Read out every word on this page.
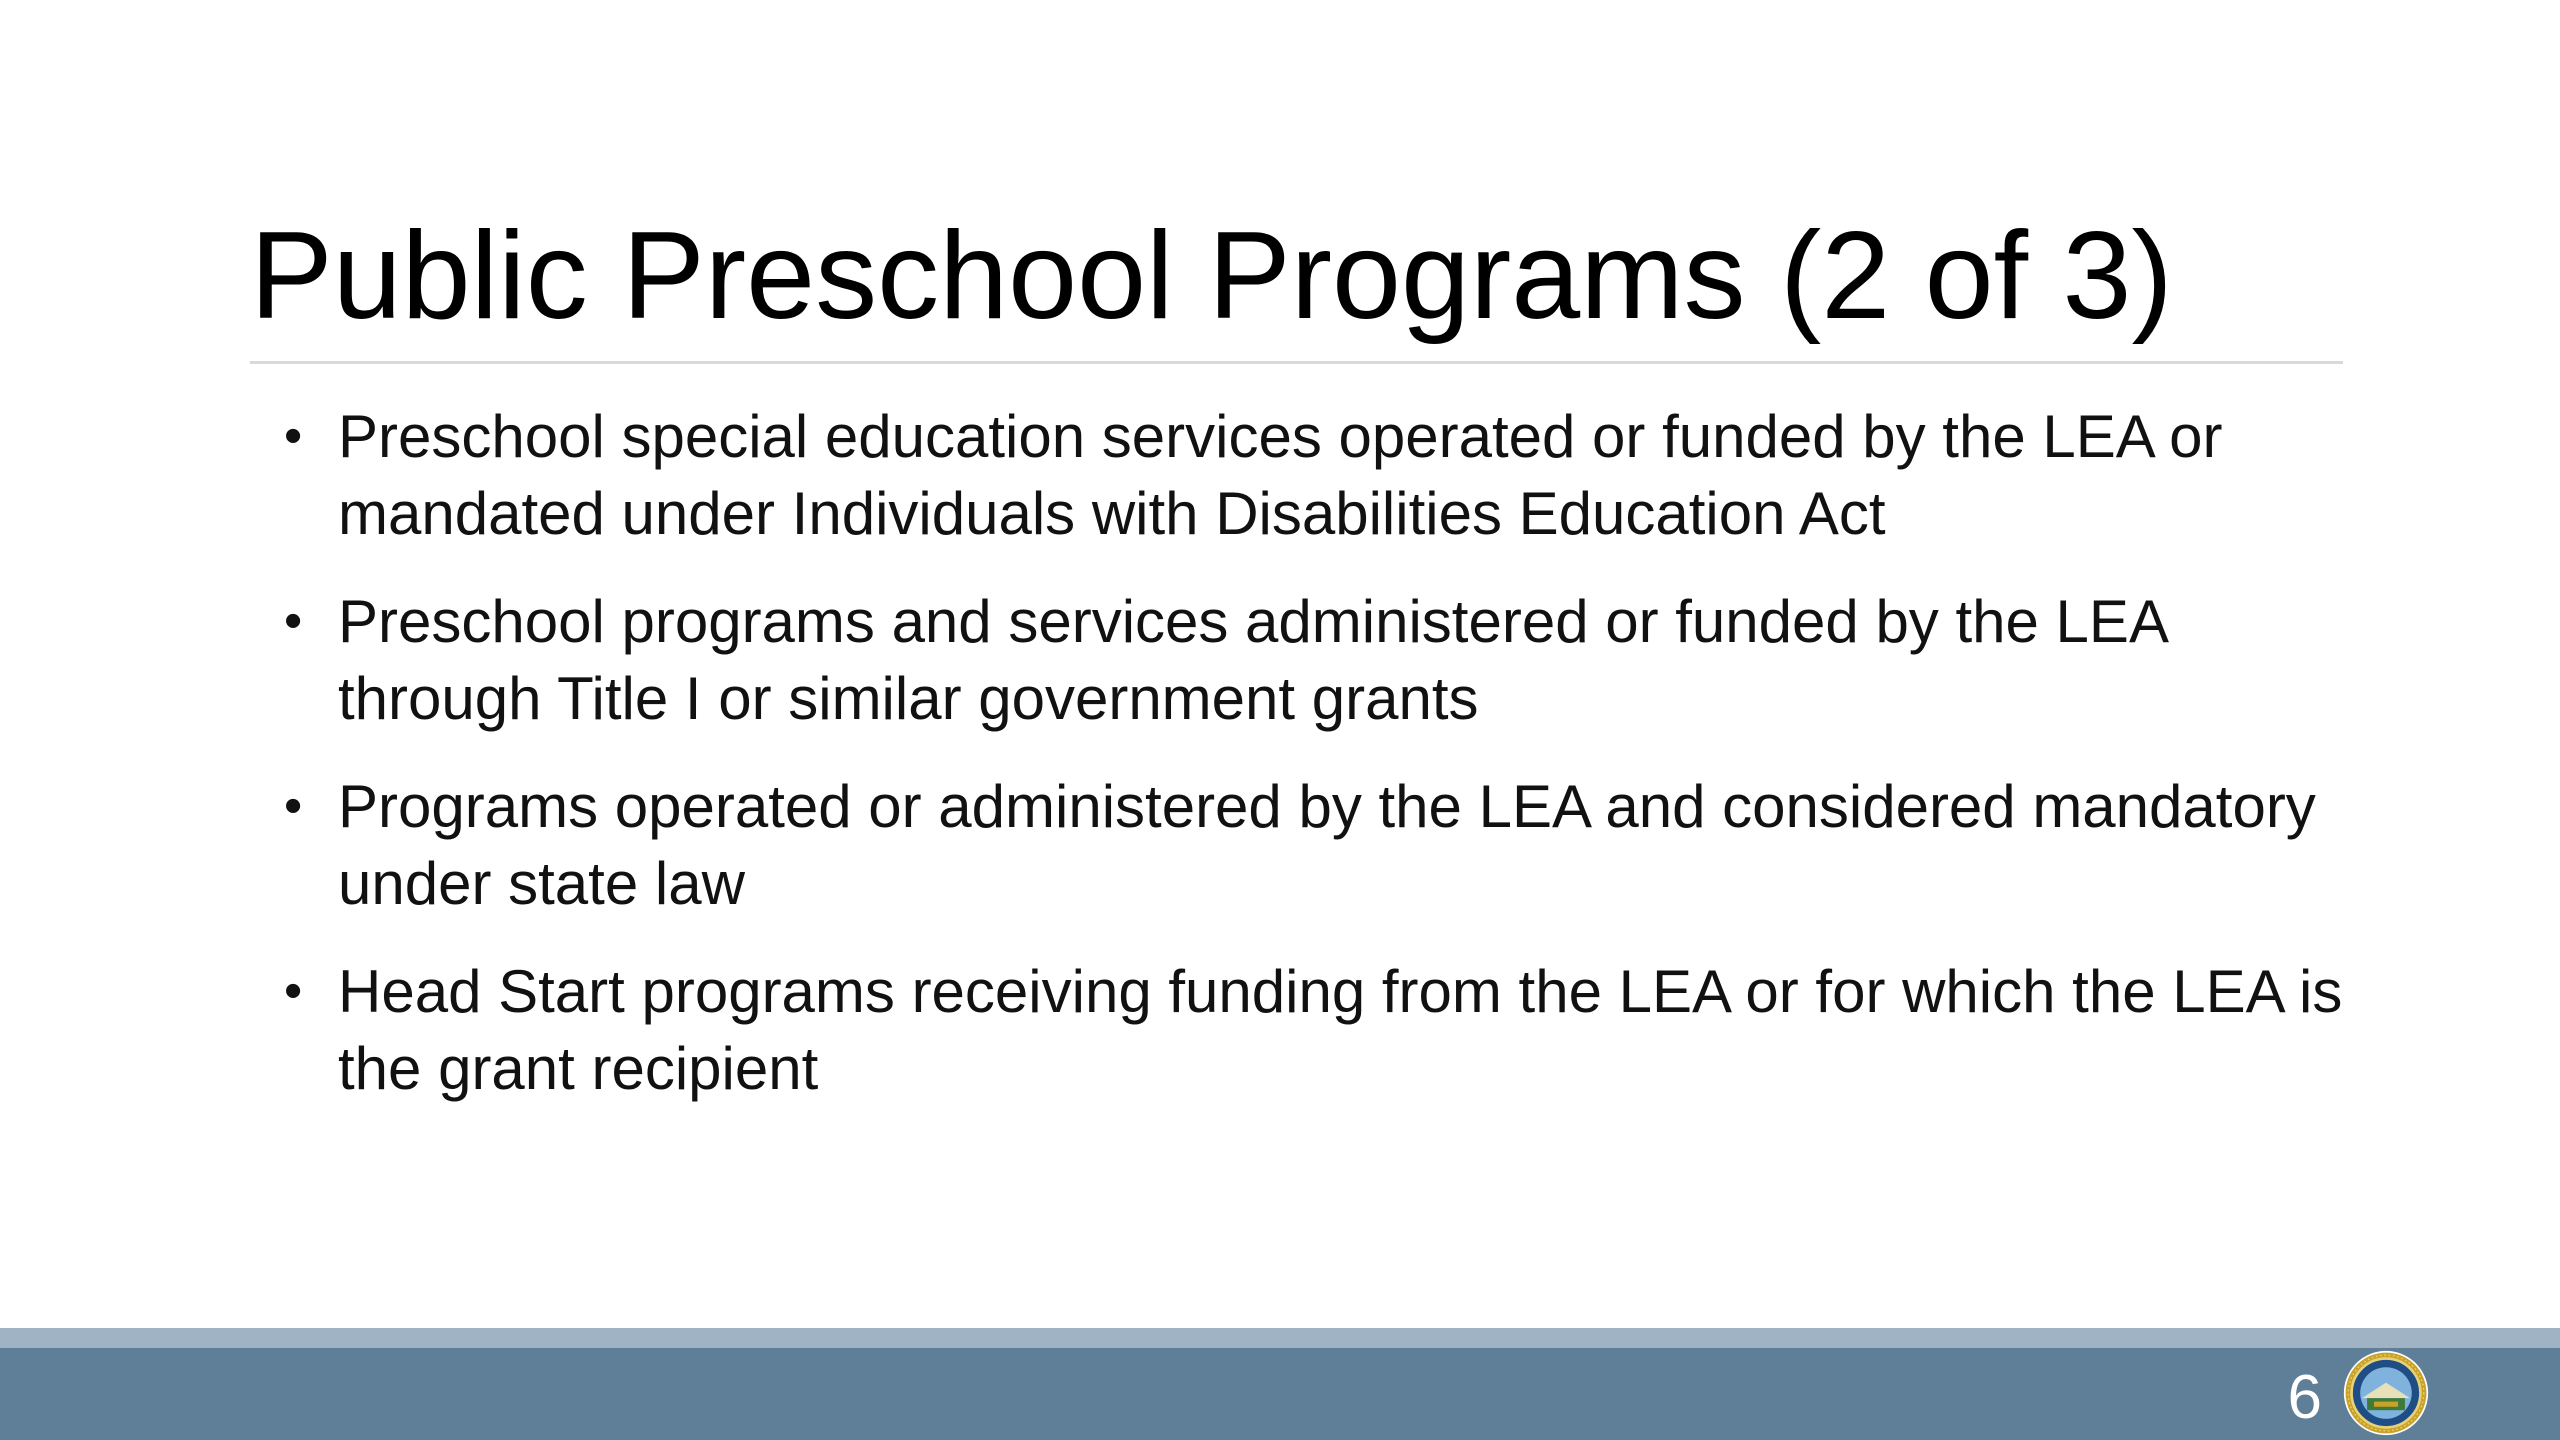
Public Preschool Programs (2 of 3)
• Preschool special education services operated or funded by the LEA or mandated under Individuals with Disabilities Education Act
• Preschool programs and services administered or funded by the LEA through Title I or similar government grants
• Programs operated or administered by the LEA and considered mandatory under state law
• Head Start programs receiving funding from the LEA or for which the LEA is the grant recipient
6
